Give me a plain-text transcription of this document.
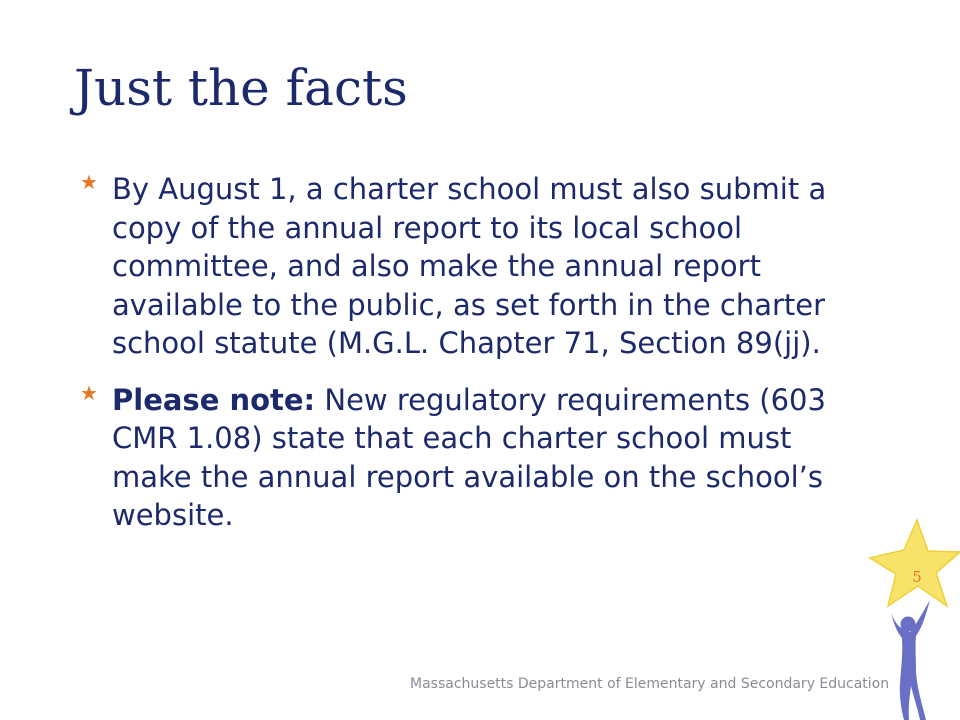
Just the facts
★ By August 1, a charter school must also submit a copy of the annual report to its local school committee, and also make the annual report available to the public, as set forth in the charter school statute (M.G.L. Chapter 71, Section 89(jj).
★ Please note: New regulatory requirements (603 CMR 1.08) state that each charter school must make the annual report available on the school’s website.
Massachusetts Department of Elementary and Secondary Education
5
